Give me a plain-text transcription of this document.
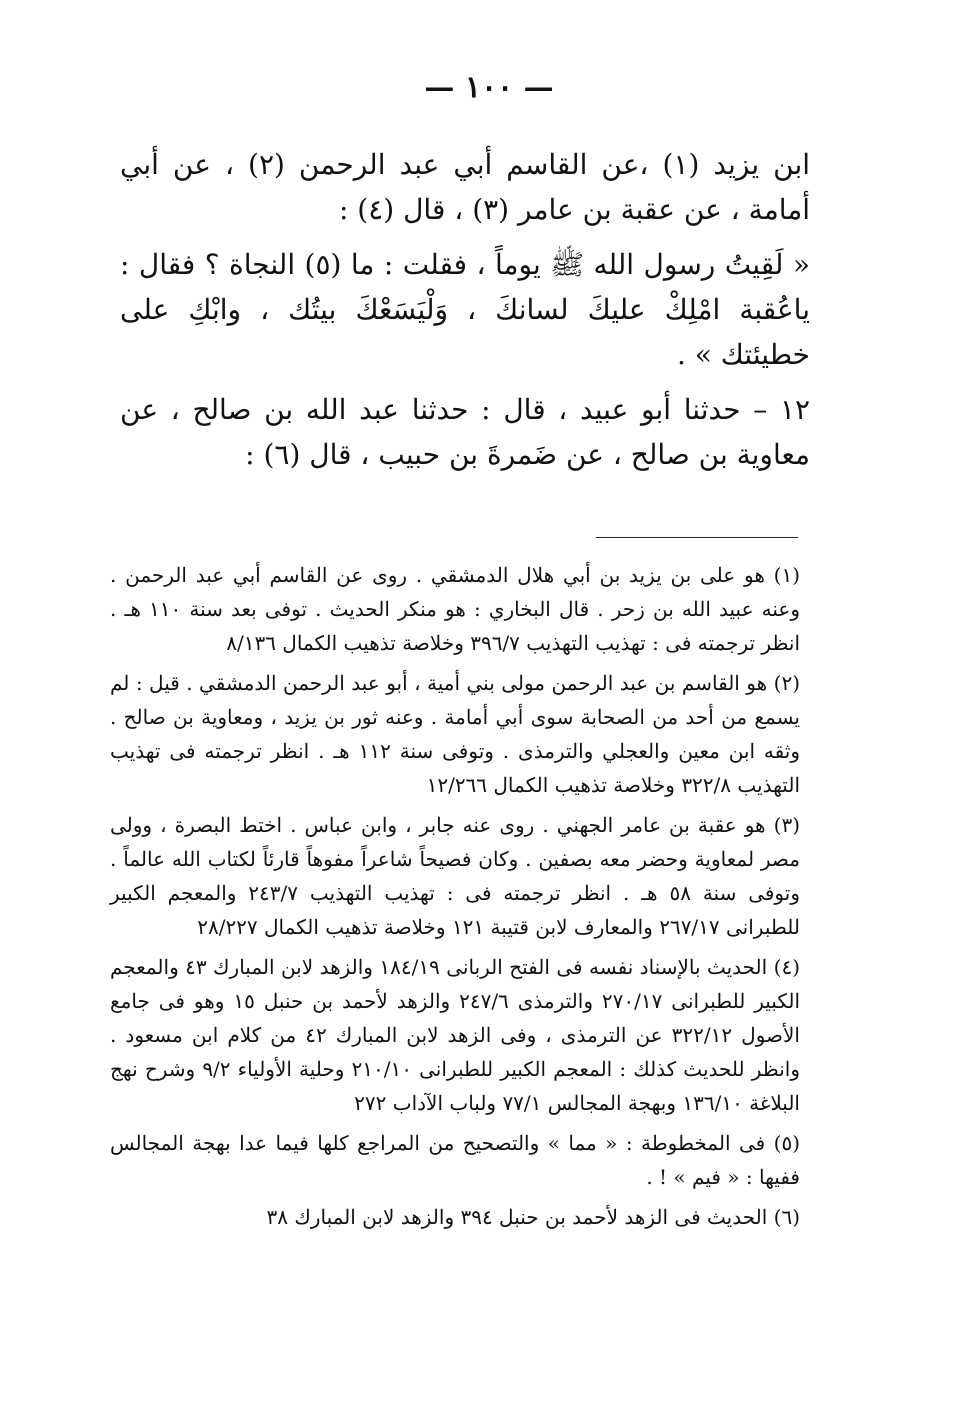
— ١٠٠ —

ابن يزيد (١) ،عن القاسم أبي عبد الرحمن (٢) ، عن أبي أمامة ، عن عقبة بن عامر (٣) ، قال (٤) :

« لَقِيتُ رسول الله ﷺ يوماً ، فقلت : ما (٥) النجاة ؟ فقال : ياعُقبة امْلِكْ عليكَ لسانكَ ، وَلْيَسَعْكَ بيتُك ، وابْكِ على خطيئتك » .

١٢ – حدثنا أبو عبيد ، قال : حدثنا عبد الله بن صالح ، عن معاوية بن صالح ، عن ضَمرةَ بن حبيب ، قال (٦) :

(١) هو على بن يزيد بن أبي هلال الدمشقي . روى عن القاسم أبي عبد الرحمن . وعنه عبيد الله بن زحر . قال البخاري : هو منكر الحديث . توفى بعد سنة ١١٠ هـ . انظر ترجمته فى : تهذيب التهذيب ٣٩٦/٧ وخلاصة تذهيب الكمال ٨/١٣٦

(٢) هو القاسم بن عبد الرحمن مولى بني أمية ، أبو عبد الرحمن الدمشقي . قيل : لم يسمع من أحد من الصحابة سوى أبي أمامة . وعنه ثور بن يزيد ، ومعاوية بن صالح . وثقه ابن معين والعجلي والترمذى . وتوفى سنة ١١٢ هـ . انظر ترجمته فى تهذيب التهذيب ٣٢٢/٨ وخلاصة تذهيب الكمال ١٢/٢٦٦

(٣) هو عقبة بن عامر الجهني . روى عنه جابر ، وابن عباس . اختط البصرة ، وولى مصر لمعاوية وحضر معه بصفين . وكان فصيحاً شاعراً مفوهاً قارئاً لكتاب الله عالماً . وتوفى سنة ٥٨ هـ . انظر ترجمته فى : تهذيب التهذيب ٢٤٣/٧ والمعجم الكبير للطبرانى ٢٦٧/١٧ والمعارف لابن قتيبة ١٢١ وخلاصة تذهيب الكمال ٢٨/٢٢٧

(٤) الحديث بالإسناد نفسه فى الفتح الربانى ١٨٤/١٩ والزهد لابن المبارك ٤٣ والمعجم الكبير للطبرانى ٢٧٠/١٧ والترمذى ٢٤٧/٦ والزهد لأحمد بن حنبل ١٥ وهو فى جامع الأصول ٣٢٢/١٢ عن الترمذى ، وفى الزهد لابن المبارك ٤٢ من كلام ابن مسعود . وانظر للحديث كذلك : المعجم الكبير للطبرانى ٢١٠/١٠ وحلية الأولياء ٩/٢ وشرح نهج البلاغة ١٣٦/١٠ وبهجة المجالس ٧٧/١ ولباب الآداب ٢٧٢

(٥) فى المخطوطة : « مما » والتصحيح من المراجع كلها فيما عدا بهجة المجالس ففيها : « فيم » ! .

(٦) الحديث فى الزهد لأحمد بن حنبل ٣٩٤ والزهد لابن المبارك ٣٨
